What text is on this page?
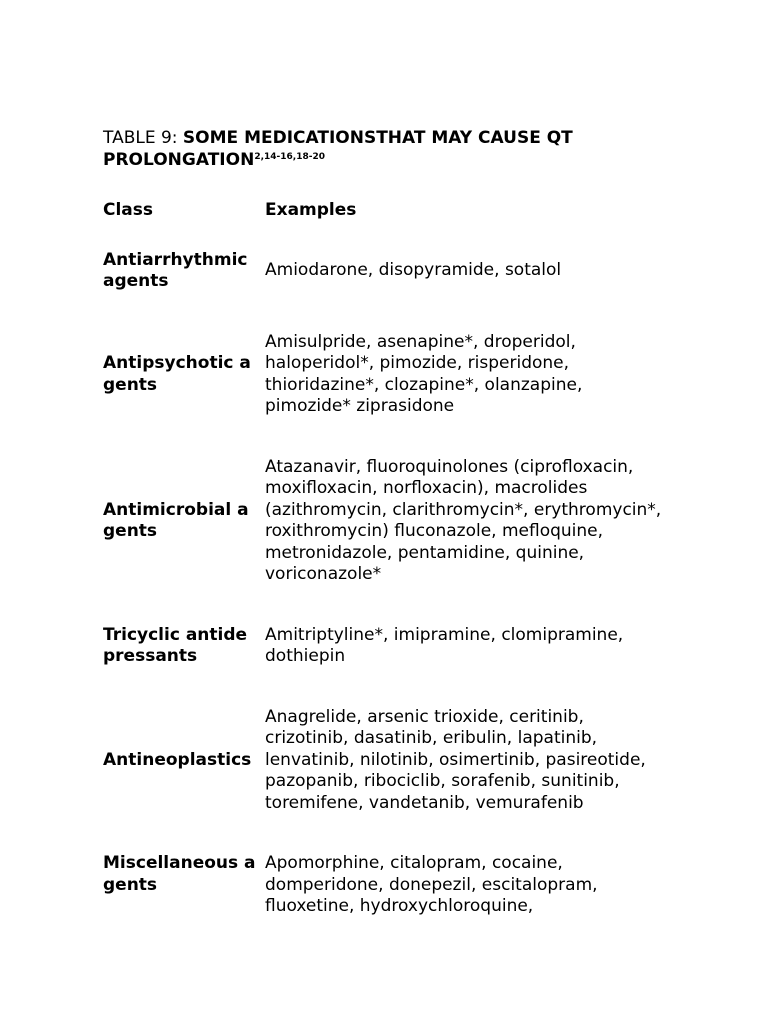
TABLE 9: SOME MEDICATIONSTHAT MAY CAUSE QT PROLONGATION$^{2,14-16,18-20}$

Class	Examples
Antiarrhythmic agents	Amiodarone, disopyramide, sotalol
Antipsychotic agents	Amisulpride, asenapine*, droperidol, haloperidol*, pimozide, risperidone, thioridazine*, clozapine*, olanzapine, pimozide* ziprasidone
Antimicrobial agents	Atazanavir, fluoroquinolones (ciprofloxacin, moxifloxacin, norfloxacin), macrolides (azithromycin, clarithromycin*, erythromycin*, roxithromycin) fluconazole, mefloquine, metronidazole, pentamidine, quinine, voriconazole*
Tricyclic antidepressants	Amitriptyline*, imipramine, clomipramine, dothiepin
Antineoplastics	Anagrelide, arsenic trioxide, ceritinib, crizotinib, dasatinib, eribulin, lapatinib, lenvatinib, nilotinib, osimertinib, pasireotide, pazopanib, ribociclib, sorafenib, sunitinib, toremifene, vandetanib, vemurafenib
Miscellaneous agents	Apomorphine, citalopram, cocaine, domperidone, donepezil, escitalopram, fluoxetine, hydroxychloroquine,
